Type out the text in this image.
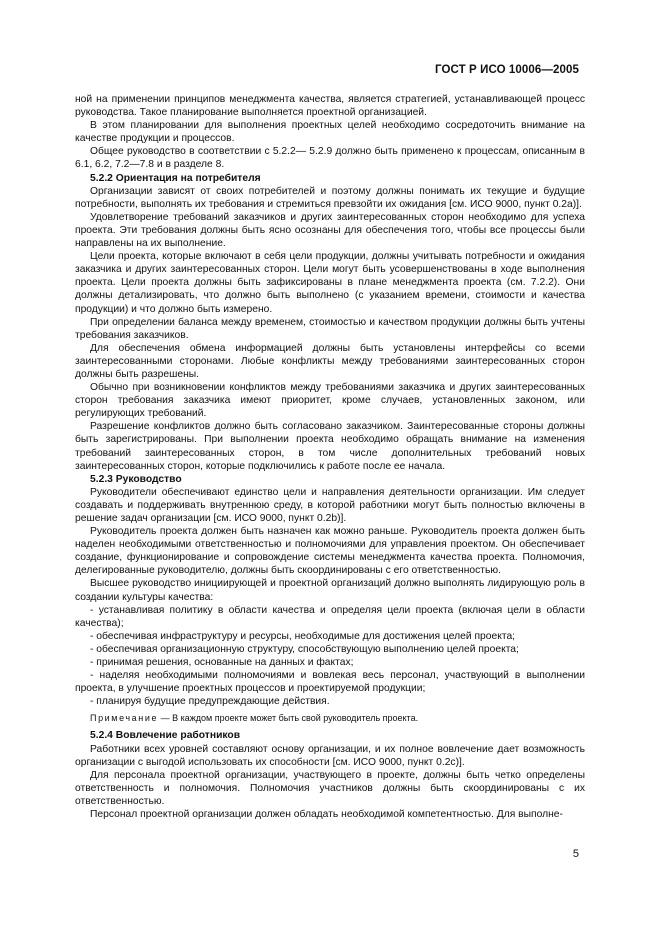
ГОСТ Р ИСО 10006—2005

ной на применении принципов менеджмента качества, является стратегией, устанавливающей процесс руководства. Такое планирование выполняется проектной организацией.

В этом планировании для выполнения проектных целей необходимо сосредоточить внимание на качестве продукции и процессов.

Общее руководство в соответствии с 5.2.2— 5.2.9 должно быть применено к процессам, описанным в 6.1, 6.2, 7.2—7.8 и в разделе 8.

5.2.2 Ориентация на потребителя

Организации зависят от своих потребителей и поэтому должны понимать их текущие и будущие потребности, выполнять их требования и стремиться превзойти их ожидания [см. ИСО 9000, пункт 0.2а)].

Удовлетворение требований заказчиков и других заинтересованных сторон необходимо для успеха проекта. Эти требования должны быть ясно осознаны для обеспечения того, чтобы все процессы были направлены на их выполнение.

Цели проекта, которые включают в себя цели продукции, должны учитывать потребности и ожидания заказчика и других заинтересованных сторон. Цели могут быть усовершенствованы в ходе выполнения проекта. Цели проекта должны быть зафиксированы в плане менеджмента проекта (см. 7.2.2). Они должны детализировать, что должно быть выполнено (с указанием времени, стоимости и качества продукции) и что должно быть измерено.

При определении баланса между временем, стоимостью и качеством продукции должны быть учтены требования заказчиков.

Для обеспечения обмена информацией должны быть установлены интерфейсы со всеми заинтересованными сторонами. Любые конфликты между требованиями заинтересованных сторон должны быть разрешены.

Обычно при возникновении конфликтов между требованиями заказчика и других заинтересованных сторон требования заказчика имеют приоритет, кроме случаев, установленных законом, или регулирующих требований.

Разрешение конфликтов должно быть согласовано заказчиком. Заинтересованные стороны должны быть зарегистрированы. При выполнении проекта необходимо обращать внимание на изменения требований заинтересованных сторон, в том числе дополнительных требований новых заинтересованных сторон, которые подключились к работе после ее начала.

5.2.3 Руководство

Руководители обеспечивают единство цели и направления деятельности организации. Им следует создавать и поддерживать внутреннюю среду, в которой работники могут быть полностью включены в решение задач организации [см. ИСО 9000, пункт 0.2b)].

Руководитель проекта должен быть назначен как можно раньше. Руководитель проекта должен быть наделен необходимыми ответственностью и полномочиями для управления проектом. Он обеспечивает создание, функционирование и сопровождение системы менеджмента качества проекта. Полномочия, делегированные руководителю, должны быть скоординированы с его ответственностью.

Высшее руководство инициирующей и проектной организаций должно выполнять лидирующую роль в создании культуры качества:

- устанавливая политику в области качества и определяя цели проекта (включая цели в области качества);

- обеспечивая инфраструктуру и ресурсы, необходимые для достижения целей проекта;

- обеспечивая организационную структуру, способствующую выполнению целей проекта;

- принимая решения, основанные на данных и фактах;

- наделяя необходимыми полномочиями и вовлекая весь персонал, участвующий в выполнении проекта, в улучшение проектных процессов и проектируемой продукции;

- планируя будущие предупреждающие действия.

Примечание — В каждом проекте может быть свой руководитель проекта.

5.2.4 Вовлечение работников

Работники всех уровней составляют основу организации, и их полное вовлечение дает возможность организации с выгодой использовать их способности [см. ИСО 9000, пункт 0.2с)].

Для персонала проектной организации, участвующего в проекте, должны быть четко определены ответственность и полномочия. Полномочия участников должны быть скоординированы с их ответственностью.

Персонал проектной организации должен обладать необходимой компетентностью. Для выполне-

5
